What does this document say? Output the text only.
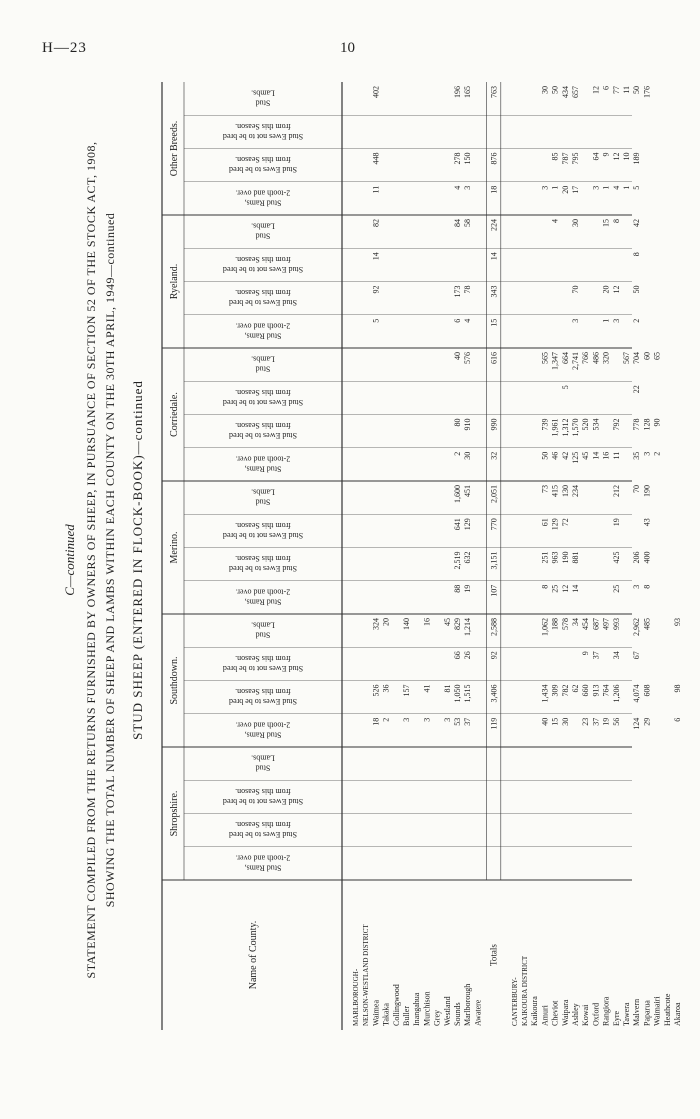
H—23	10
C—continued STATEMENT COMPILED FROM THE RETURNS FURNISHED BY OWNERS OF SHEEP, IN PURSUANCE OF SECTION 52 OF THE STOCK ACT, 1908, SHOWING THE TOTAL NUMBER OF SHEEP AND LAMBS WITHIN EACH COUNTY ON THE 30TH APRIL, 1949—continued STUD SHEEP (ENTERED IN FLOCK-BOOK)—continued
Name of County.
Shropshire.
Stud Rams,
2-tooth and over.
Stud Ewes to be bred
from this Season.
Stud Ewes not to be bred
from this Season.
Stud
Lambs.
Southdown.
Stud Rams,
2-tooth and over.
Stud Ewes to be bred
from this Season.
Stud Ewes not to be bred
from this Season.
Stud
Lambs.
Merino.
Stud Rams,
2-tooth and over.
Stud Ewes to be bred
from this Season.
Stud Ewes not to be bred
from this Season.
Stud
Lambs.
Corriedale.
Stud Rams,
2-tooth and over.
Stud Ewes to be bred
from this Season.
Stud Ewes not to be bred
from this Season.
Stud
Lambs.
Ryeland.
Stud Rams,
2-tooth and over.
Stud Ewes to be bred
from this Season.
Stud Ewes not to be bred
from this Season.
Stud
Lambs.
Other Breeds.
Stud Rams,
2-tooth and over.
Stud Ewes to be bred
from this Season.
Stud Ewes not to be bred
from this Season.
Stud
Lambs.
MARLBOROUGH- NELSON-WESTLAND DISTRICT Waimea
18
526
324
5
92
14
82
11
448
402
Takaka
2
36
20
Collingwood Buller
3
157
140
Inangahua Murchison
3
41
16
Grey Westland
3
81
45
Sounds
53
1,050
66
829
88
2,519
641
1,600
2
80
40
6
173
84
4
278
196
Marlborough
37
1,515
26
1,214
19
632
129
451
30
910
576
4
78
58
3
150
165
Awatere
Totals
119
3,406
92
2,588
107
3,151
770
2,051
32
990
616
15
343
14
224
18
876
763
CANTERBURY- KAIKOURA DISTRICT Kaikoura Amuri
40
1,434
1,062
8
251
61
73
50
739
565
3
30
Cheviot
15
309
188
25
963
129
415
46
1,961
1,347
4
1
85
50
Waipara
30
782
578
12
190
72
130
42
1,312
5
664
20
787
434
Ashley
62
34
14
881
234
125
1,570
2,741
3
70
30
17
795
657
Kowai
23
660
9
454
45
520
766
Oxford
37
913
37
687
14
534
486
3
64
12
Rangiora
19
764
497
16
320
1
20
15
1
9
6
Eyre
56
1,206
34
993
25
425
19
212
11
792
3
12
8
4
12
77
Tawera
567
1
10
11
Malvern
124
4,074
67
2,962
3
206
70
35
778
22
704
2
50
8
42
5
189
50
Paparua
29
608
485
8
400
43
190
3
128
60
176
Waimairi
2
90
65
Heathcote Akaroa
6
98
93
